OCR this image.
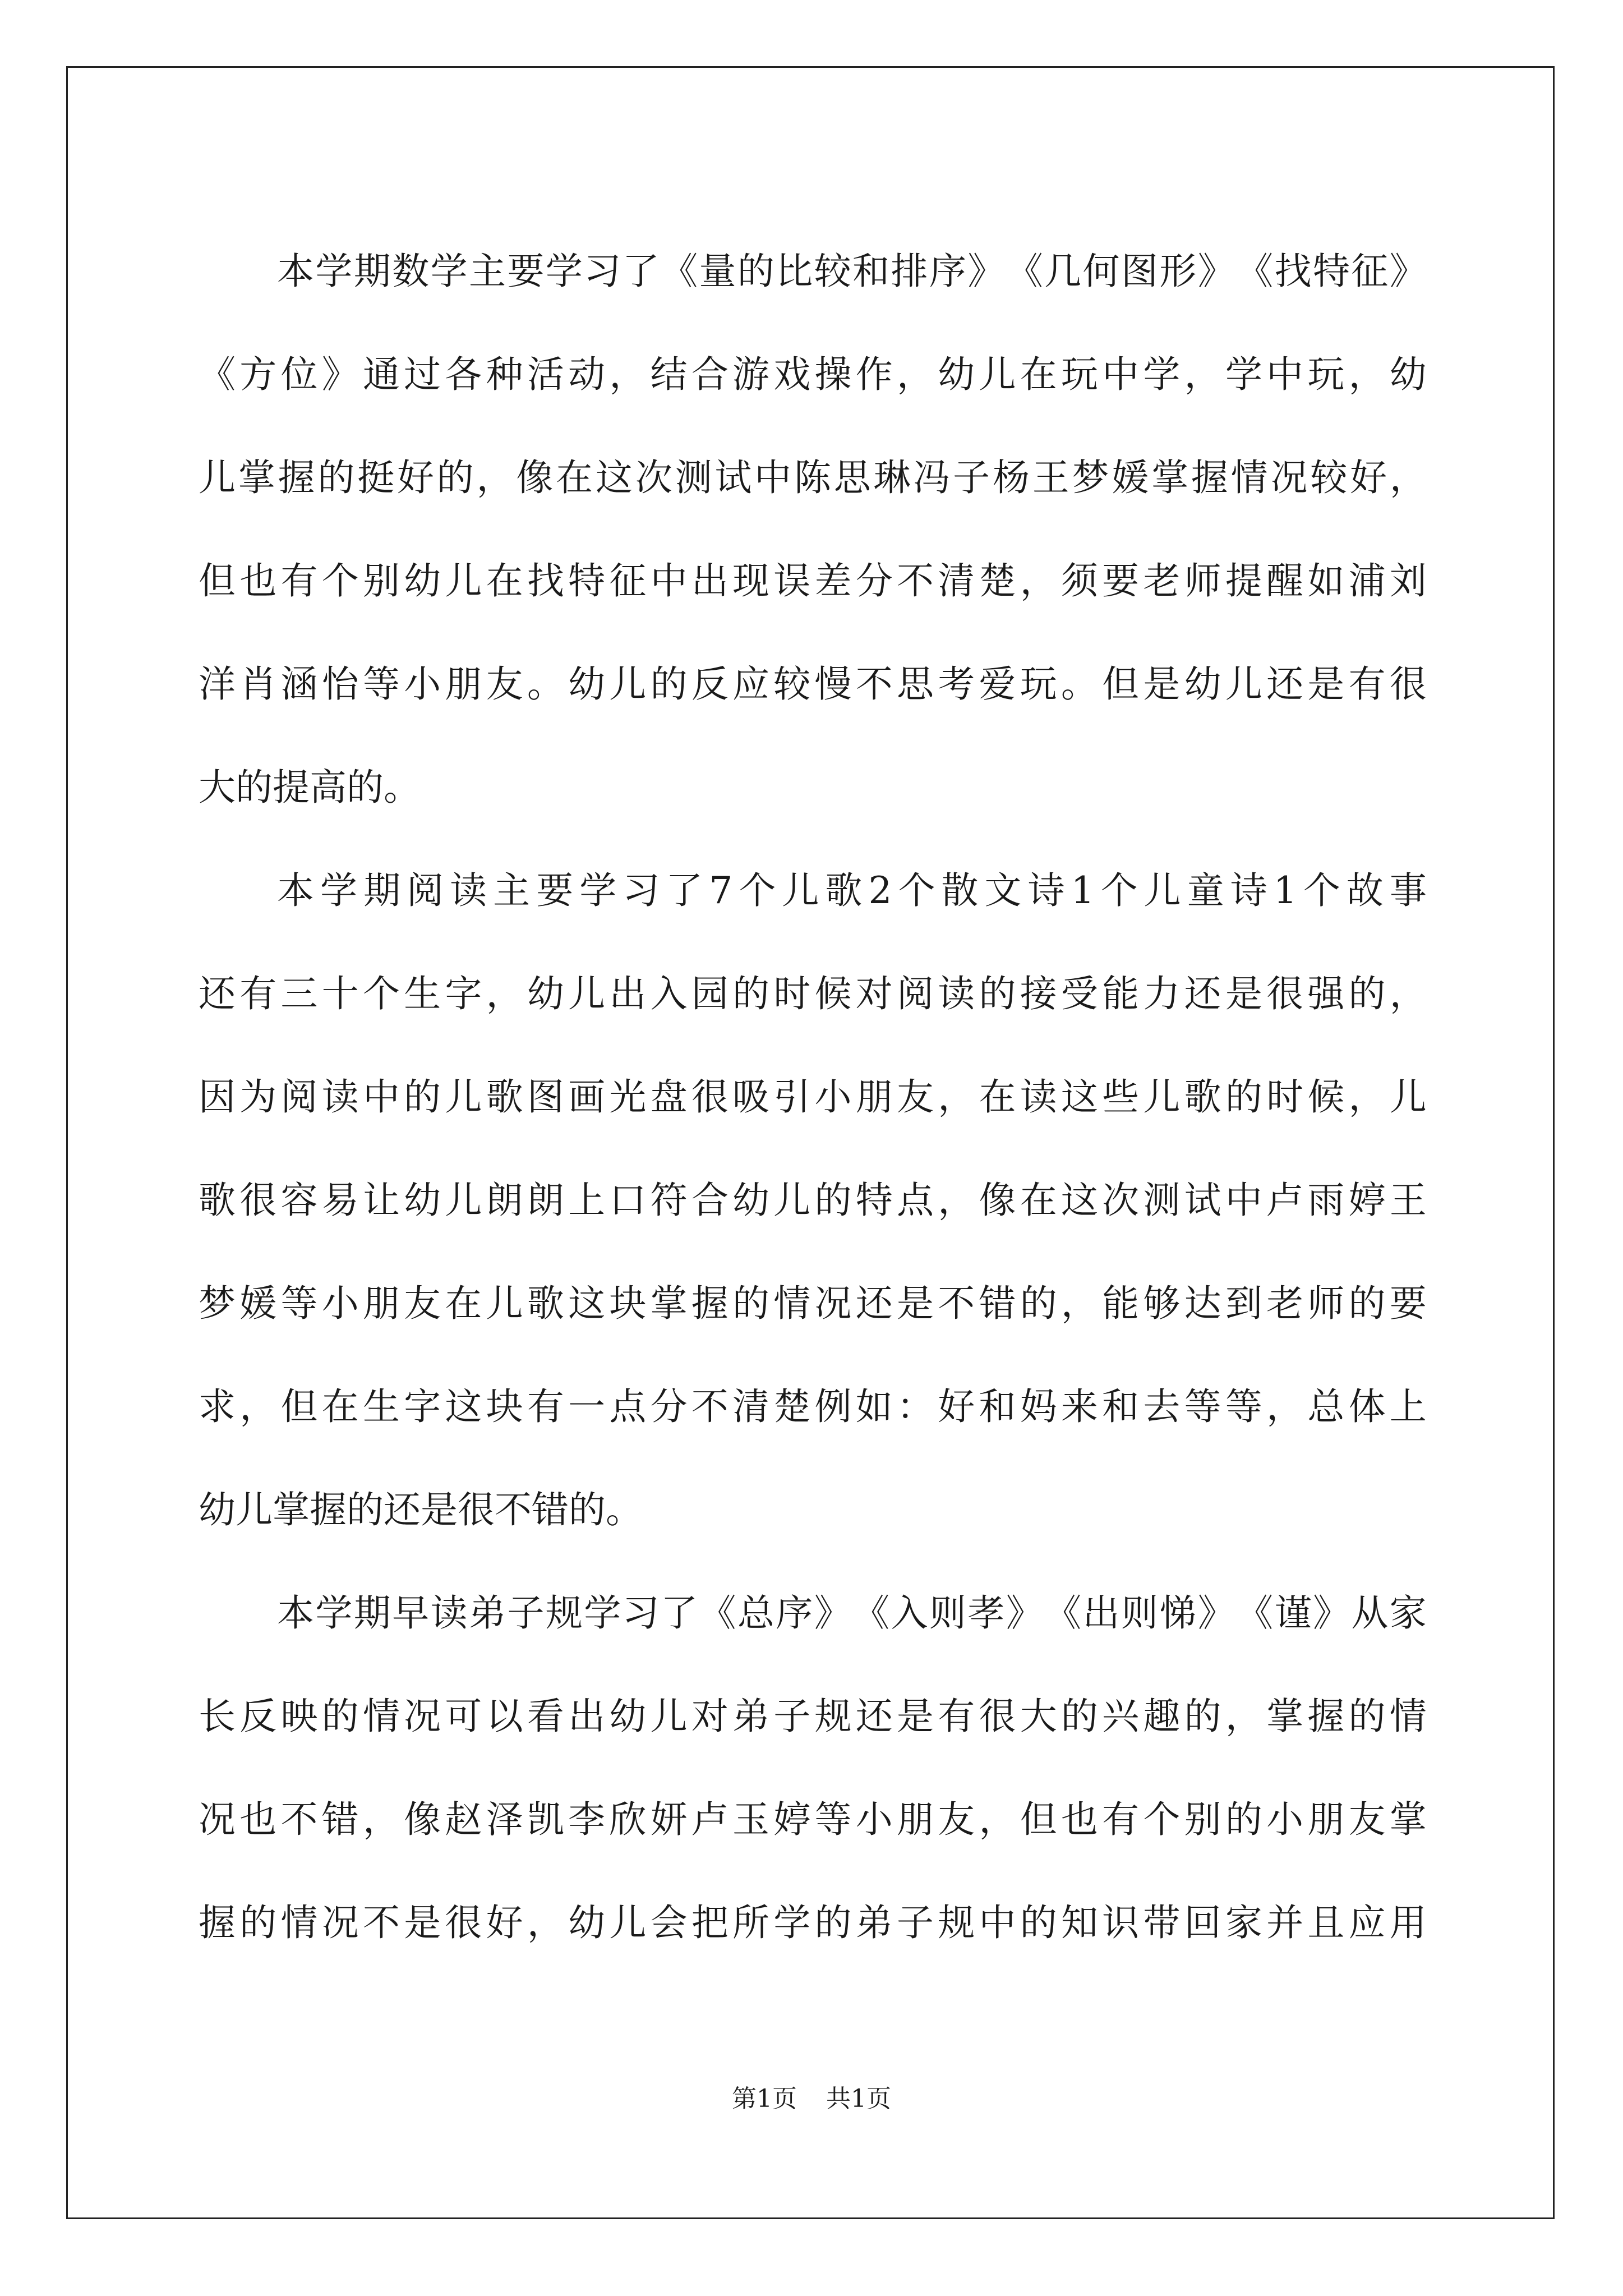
本 学 期 数 学 主 要 学 习 了 《 量 的 比 较 和 排 序 》 《 几 何 图 形 》 《 找 特 征 》
《 方 位 》 通 过 各 种 活 动 ， 结 合 游 戏 操 作 ， 幼 儿 在 玩 中 学 ， 学 中 玩 ， 幼
儿 掌 握 的 挺 好 的 ， 像 在 这 次 测 试 中 陈 思 琳 冯 子 杨 王 梦 媛 掌 握 情 况 较 好 ，
但 也 有 个 别 幼 儿 在 找 特 征 中 出 现 误 差 分 不 清 楚 ， 须 要 老 师 提 醒 如 浦 刘
洋 肖 涵 怡 等 小 朋 友 。 幼 儿 的 反 应 较 慢 不 思 考 爱 玩 。 但 是 幼 儿 还 是 有 很
大 的 提 高 的 。
本 学 期 阅 读 主 要 学 习 了 7 个 儿 歌 2 个 散 文 诗 1 个 儿 童 诗 1 个 故 事
还 有 三 十 个 生 字 ， 幼 儿 出 入 园 的 时 候 对 阅 读 的 接 受 能 力 还 是 很 强 的 ，
因 为 阅 读 中 的 儿 歌 图 画 光 盘 很 吸 引 小 朋 友 ， 在 读 这 些 儿 歌 的 时 候 ， 儿
歌 很 容 易 让 幼 儿 朗 朗 上 口 符 合 幼 儿 的 特 点 ， 像 在 这 次 测 试 中 卢 雨 婷 王
梦 媛 等 小 朋 友 在 儿 歌 这 块 掌 握 的 情 况 还 是 不 错 的 ， 能 够 达 到 老 师 的 要
求 ， 但 在 生 字 这 块 有 一 点 分 不 清 楚 例 如 ： 好 和 妈 来 和 去 等 等 ， 总 体 上
幼 儿 掌 握 的 还 是 很 不 错 的 。
本 学 期 早 读 弟 子 规 学 习 了 《 总 序 》 《 入 则 孝 》 《 出 则 悌 》 《 谨 》 从 家
长 反 映 的 情 况 可 以 看 出 幼 儿 对 弟 子 规 还 是 有 很 大 的 兴 趣 的 ， 掌 握 的 情
况 也 不 错 ， 像 赵 泽 凯 李 欣 妍 卢 玉 婷 等 小 朋 友 ， 但 也 有 个 别 的 小 朋 友 掌
握 的 情 况 不 是 很 好 ， 幼 儿 会 把 所 学 的 弟 子 规 中 的 知 识 带 回 家 并 且 应 用
第1页 共1页
